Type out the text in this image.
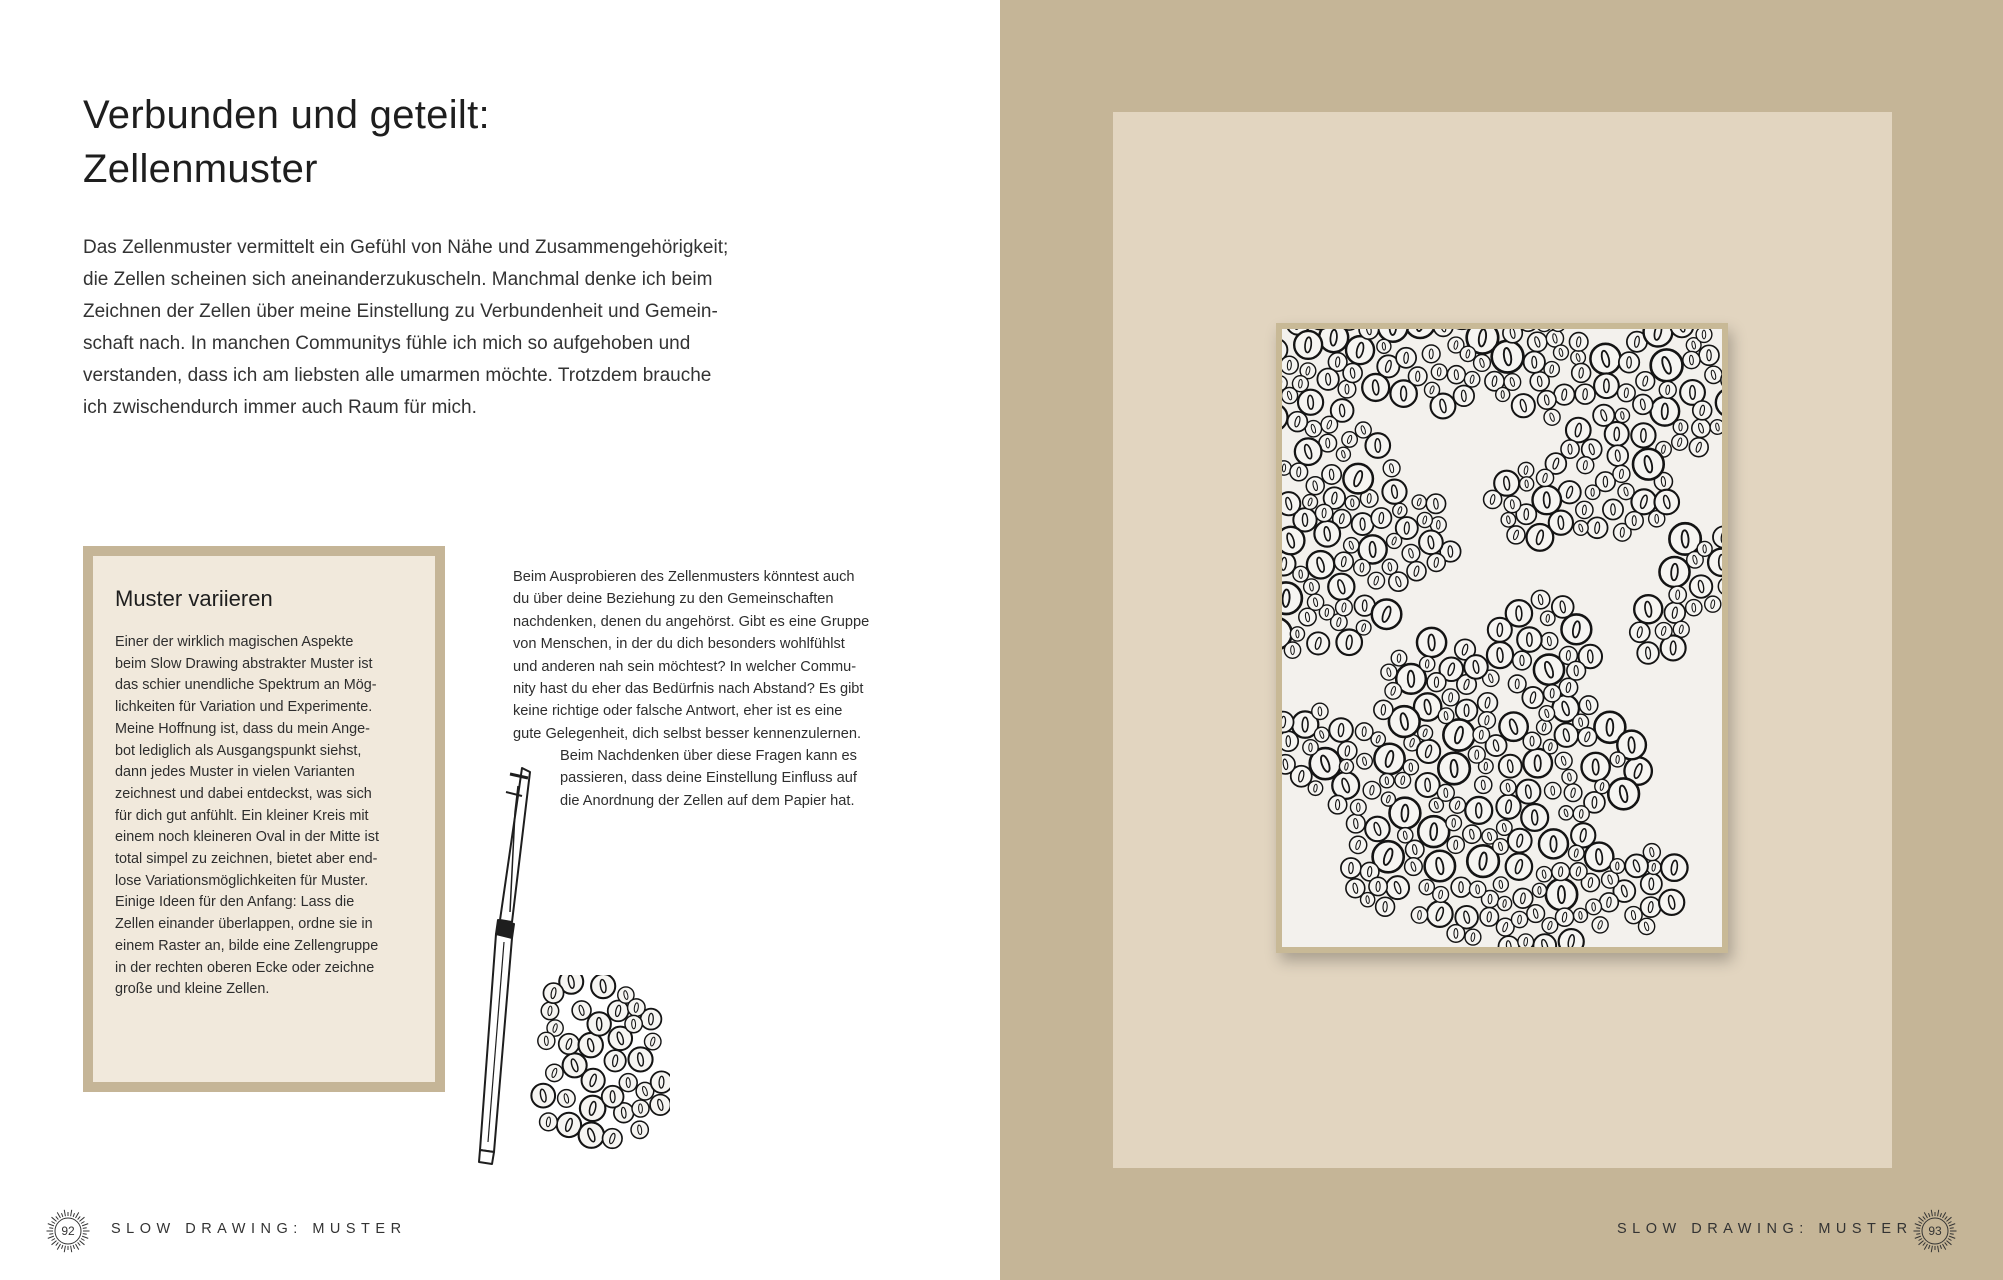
Verbunden und geteilt:
Zellenmuster

Das Zellenmuster vermittelt ein Gefühl von Nähe und Zusammengehörigkeit;
die Zellen scheinen sich aneinanderzukuscheln. Manchmal denke ich beim
Zeichnen der Zellen über meine Einstellung zu Verbundenheit und Gemein-
schaft nach. In manchen Communitys fühle ich mich so aufgehoben und
verstanden, dass ich am liebsten alle umarmen möchte. Trotzdem brauche
ich zwischendurch immer auch Raum für mich.

Muster variieren

Einer der wirklich magischen Aspekte
beim Slow Drawing abstrakter Muster ist
das schier unendliche Spektrum an Mög-
lichkeiten für Variation und Experimente.
Meine Hoffnung ist, dass du mein Ange-
bot lediglich als Ausgangspunkt siehst,
dann jedes Muster in vielen Varianten
zeichnest und dabei entdeckst, was sich
für dich gut anfühlt. Ein kleiner Kreis mit
einem noch kleineren Oval in der Mitte ist
total simpel zu zeichnen, bietet aber end-
lose Variationsmöglichkeiten für Muster.
Einige Ideen für den Anfang: Lass die
Zellen einander überlappen, ordne sie in
einem Raster an, bilde eine Zellengruppe
in der rechten oberen Ecke oder zeichne
große und kleine Zellen.

Beim Ausprobieren des Zellenmusters könntest auch
du über deine Beziehung zu den Gemeinschaften
nachdenken, denen du angehörst. Gibt es eine Gruppe
von Menschen, in der du dich besonders wohlfühlst
und anderen nah sein möchtest? In welcher Commu-
nity hast du eher das Bedürfnis nach Abstand? Es gibt
keine richtige oder falsche Antwort, eher ist es eine
gute Gelegenheit, dich selbst besser kennenzulernen.

Beim Nachdenken über diese Fragen kann es
passieren, dass deine Einstellung Einfluss auf
die Anordnung der Zellen auf dem Papier hat.

92	SLOW DRAWING: MUSTER	SLOW DRAWING: MUSTER	93
